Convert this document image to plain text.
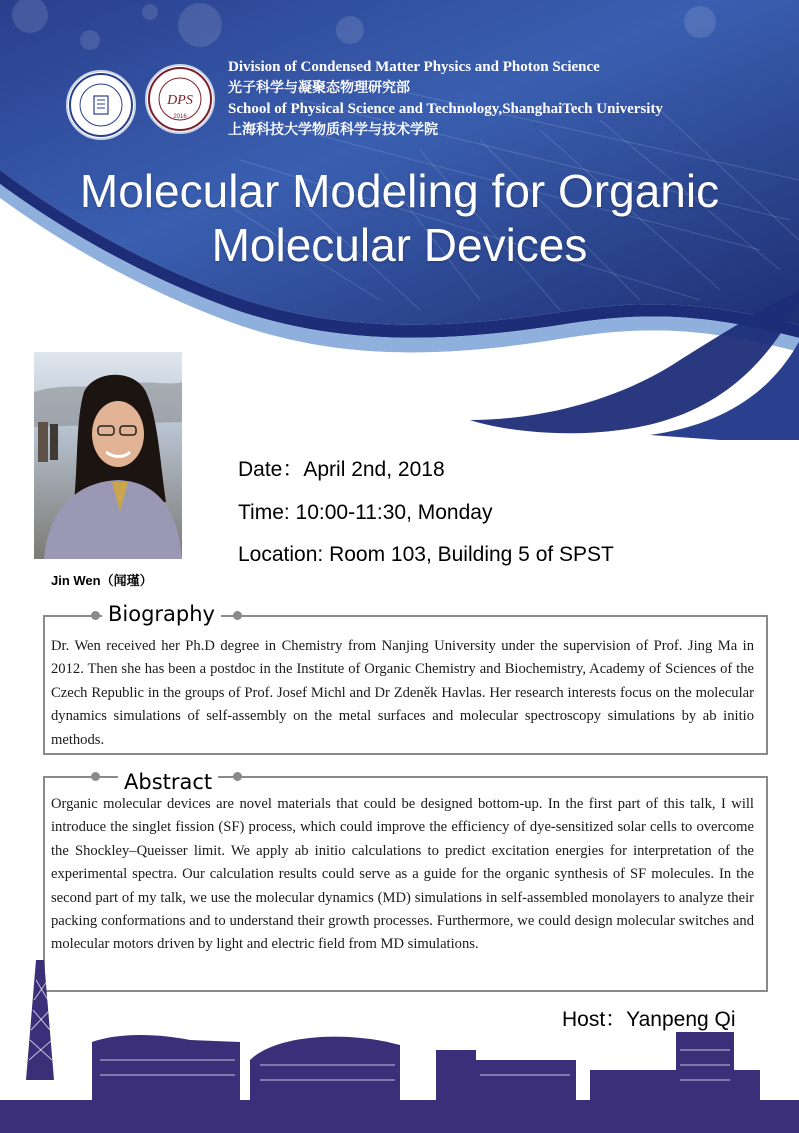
DPS
2016
Division of Condensed Matter Physics and Photon Science
光子科学与凝聚态物理研究部
School of Physical Science and Technology,ShanghaiTech University
上海科技大学物质科学与技术学院
Molecular Modeling for Organic
Molecular Devices
Jin Wen（闻瑾）
Date：April 2nd, 2018
Time: 10:00-11:30, Monday
Location: Room 103, Building 5 of SPST
Biography
Dr. Wen received her Ph.D degree in Chemistry from Nanjing University under the supervision of Prof. Jing Ma in 2012. Then she has been a postdoc in the Institute of Organic Chemistry and Biochemistry, Academy of Sciences of the Czech Republic in the groups of Prof. Josef Michl and Dr Zdeněk Havlas. Her research interests focus on the molecular dynamics simulations of self-assembly on the metal surfaces and molecular spectroscopy simulations by ab initio methods.
Abstract
Organic molecular devices are novel materials that could be designed bottom-up. In the first part of this talk, I will introduce the singlet fission (SF) process, which could improve the efficiency of dye-sensitized solar cells to overcome the Shockley–Queisser limit. We apply ab initio calculations to predict excitation energies for interpretation of the experimental spectra. Our calculation results could serve as a guide for the organic synthesis of SF molecules. In the second part of my talk, we use the molecular dynamics (MD) simulations in self-assembled monolayers to analyze their packing conformations and to understand their growth processes. Furthermore, we could design molecular switches and molecular motors driven by light and electric field from MD simulations.
Host：Yanpeng Qi
